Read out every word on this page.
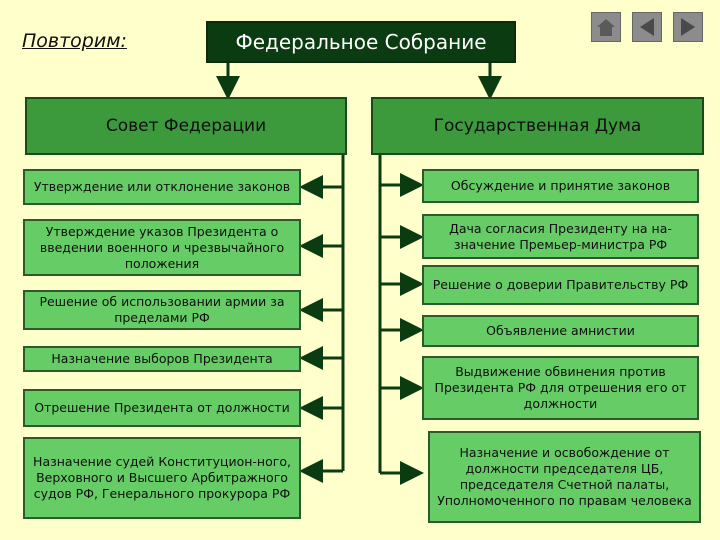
Повторим:	Федеральное Собрание
Совет Федерации	Государственная Дума
Утверждение или отклонение законов
Утверждение указов Президента о введении военного и чрезвычайного положения
Решение об использовании армии за пределами РФ
Назначение выборов Президента
Отрешение Президента от должности
Назначение судей Конституцион-ного, Верховного и Высшего Арбитражного судов РФ, Генерального прокурора РФ
Обсуждение и принятие законов
Дача согласия Президенту на на-значение Премьер-министра РФ
Решение о доверии Правительству РФ
Объявление амнистии
Выдвижение обвинения против Президента РФ для отрешения его от должности
Назначение и освобождение от должности председателя ЦБ, председателя Счетной палаты, Уполномоченного по правам человека
